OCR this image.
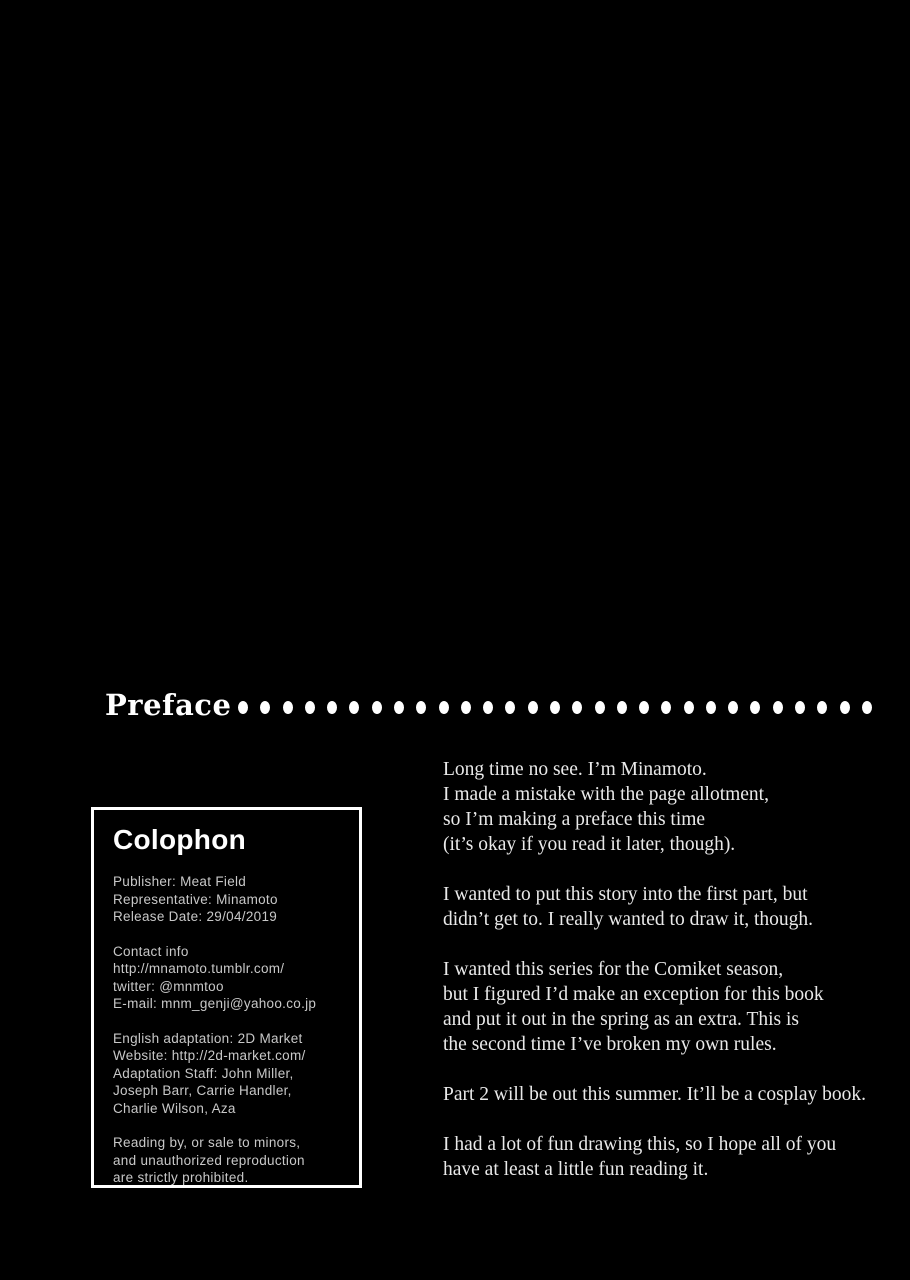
Preface
Colophon
Publisher: Meat Field
Representative: Minamoto
Release Date: 29/04/2019
Contact info
http://mnamoto.tumblr.com/
twitter: @mnmtoo
E-mail: mnm_genji@yahoo.co.jp
English adaptation: 2D Market
Website: http://2d-market.com/
Adaptation Staff: John Miller,
Joseph Barr, Carrie Handler,
Charlie Wilson, Aza
Reading by, or sale to minors,
and unauthorized reproduction
are strictly prohibited.
Long time no see. I’m Minamoto.
I made a mistake with the page allotment,
so I’m making a preface this time
(it’s okay if you read it later, though).
I wanted to put this story into the first part, but
didn’t get to. I really wanted to draw it, though.
I wanted this series for the Comiket season,
but I figured I’d make an exception for this book
and put it out in the spring as an extra. This is
the second time I’ve broken my own rules.
Part 2 will be out this summer. It’ll be a cosplay book.
I had a lot of fun drawing this, so I hope all of you
have at least a little fun reading it.
